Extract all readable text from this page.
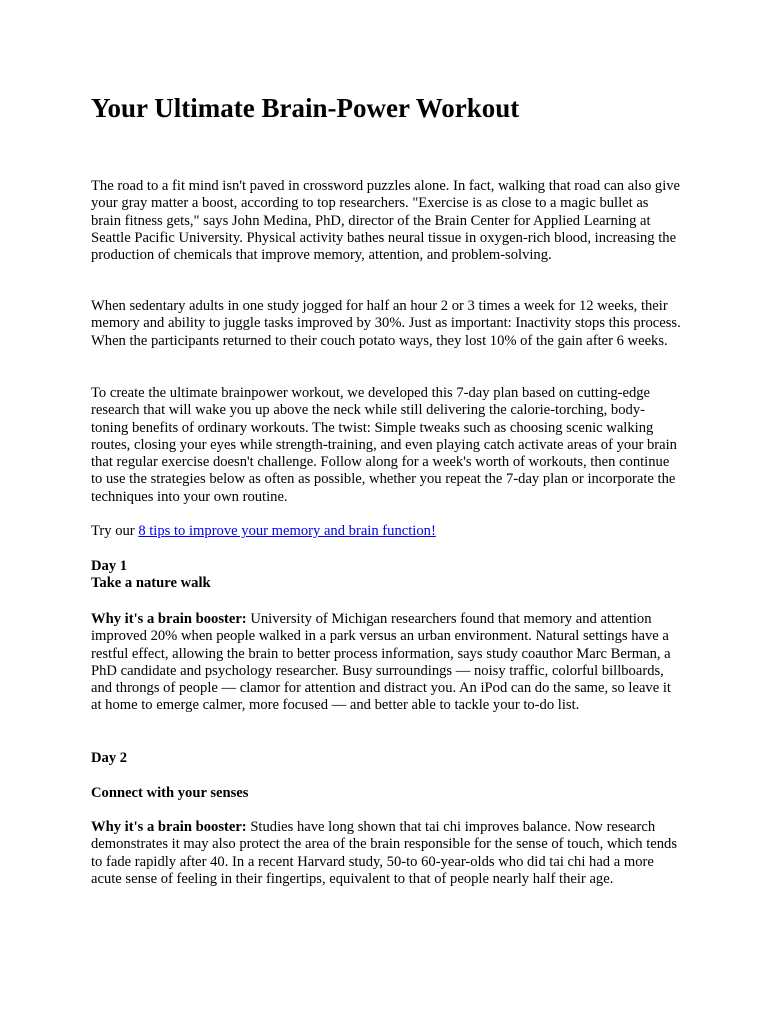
Your Ultimate Brain-Power Workout

The road to a fit mind isn't paved in crossword puzzles alone. In fact, walking that road can also give your gray matter a boost, according to top researchers. "Exercise is as close to a magic bullet as brain fitness gets," says John Medina, PhD, director of the Brain Center for Applied Learning at Seattle Pacific University. Physical activity bathes neural tissue in oxygen-rich blood, increasing the production of chemicals that improve memory, attention, and problem-solving.

When sedentary adults in one study jogged for half an hour 2 or 3 times a week for 12 weeks, their memory and ability to juggle tasks improved by 30%. Just as important: Inactivity stops this process. When the participants returned to their couch potato ways, they lost 10% of the gain after 6 weeks.

To create the ultimate brainpower workout, we developed this 7-day plan based on cutting-edge research that will wake you up above the neck while still delivering the calorie-torching, body-toning benefits of ordinary workouts. The twist: Simple tweaks such as choosing scenic walking routes, closing your eyes while strength-training, and even playing catch activate areas of your brain that regular exercise doesn't challenge. Follow along for a week's worth of workouts, then continue to use the strategies below as often as possible, whether you repeat the 7-day plan or incorporate the techniques into your own routine.

Try our 8 tips to improve your memory and brain function!

Day 1
Take a nature walk

Why it's a brain booster: University of Michigan researchers found that memory and attention improved 20% when people walked in a park versus an urban environment. Natural settings have a restful effect, allowing the brain to better process information, says study coauthor Marc Berman, a PhD candidate and psychology researcher. Busy surroundings — noisy traffic, colorful billboards, and throngs of people — clamor for attention and distract you. An iPod can do the same, so leave it at home to emerge calmer, more focused — and better able to tackle your to-do list.

Day 2

Connect with your senses

Why it's a brain booster: Studies have long shown that tai chi improves balance. Now research demonstrates it may also protect the area of the brain responsible for the sense of touch, which tends to fade rapidly after 40. In a recent Harvard study, 50-to 60-year-olds who did tai chi had a more acute sense of feeling in their fingertips, equivalent to that of people nearly half their age.
